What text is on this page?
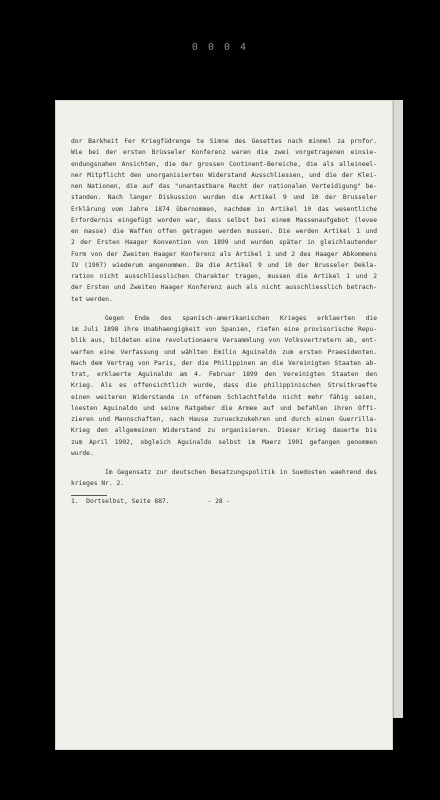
0 0 0 4
dor Barkheit Fer Kriegfüdrenge te Simne des Gesettes nach minmel za prnfor.
Wie bei der ersten Brüsseler Konferenz waren die zwei vorgetragenen einsie-
endungsnahen Ansichten, die der grossen Continent-Bereiche, die als alleineel-
ner Mitpflicht den unorganisierten Widerstand Ausschliessen, und die der Klei-
nen Nationen, die auf das "unantastbare Recht der nationalen Verteidigung" be-
standen. Nach langer Diskussion wurden die Artikel 9 und 10 der Brusseler
Erklärung vom Jahre 1874 übernommen, nachdem in Artikel 10 das wesentliche
Erfordernis eingefügt worden war, dass selbst bei einem Massenaufgebot (levee
en masse) die Waffen offen getragen werden mussen. Die werden Artikel 1 und
2 der Ersten Haager Konvention von 1899 und wurden später in gleichlautender
Form von der Zweiten Haager Konferenz als Artikel 1 und 2 des Haager Abkommens
IV (1907) wiederum angenommen. Da die Artikel 9 und 10 der Brusseler Dekla-
ration nicht ausschliesslichen Charakter tragen, mussen die Artikel 1 und 2
der Ersten und Zweiten Haager Konferenz auch als nicht ausschliesslich betrach-
tet werden.
Gegen Ende des spanisch-amerikanischen Krieges erklaerten die
im Juli 1898 ihre Unabhaengigkeit von Spanien, riefen eine provisorische Repu-
blik aus, bildeten eine revolutionaere Versammlung von Volksvertretern ab, ent-
warfen eine Verfassung und wählten Emilio Aguinaldo zum ersten Praesidenten.
Nach dem Vertrag von Paris, der die Philippinen an die Vereinigten Staaten ab-
trat, erklaerte Aguinaldo am 4. Februar 1899 den Vereinigten Staaten den
Krieg. Als es offensichtlich wurde, dass die philippinischen Streitkraefte
einen weiteren Widerstande in offenem Schlachtfelde nicht mehr fähig seien,
loesten Aguinaldo und seine Ratgeber die Armee auf und befahlen ihren Offi-
zieren und Mannschaften, nach Hause zurueckzukehren und durch einen Guerrilla-
Krieg den allgemeinen Widerstand zu organisieren. Dieser Krieg dauerte bis
zum April 1902, obgleich Aguinaldo selbst im Maerz 1901 gefangen genommen
wurde.
Im Gegensatz zur deutschen Besatzungspolitik in Suedosten waehrend des
krieges Nr. 2.
1.  Dortselbst, Seite 887.	- 28 -
